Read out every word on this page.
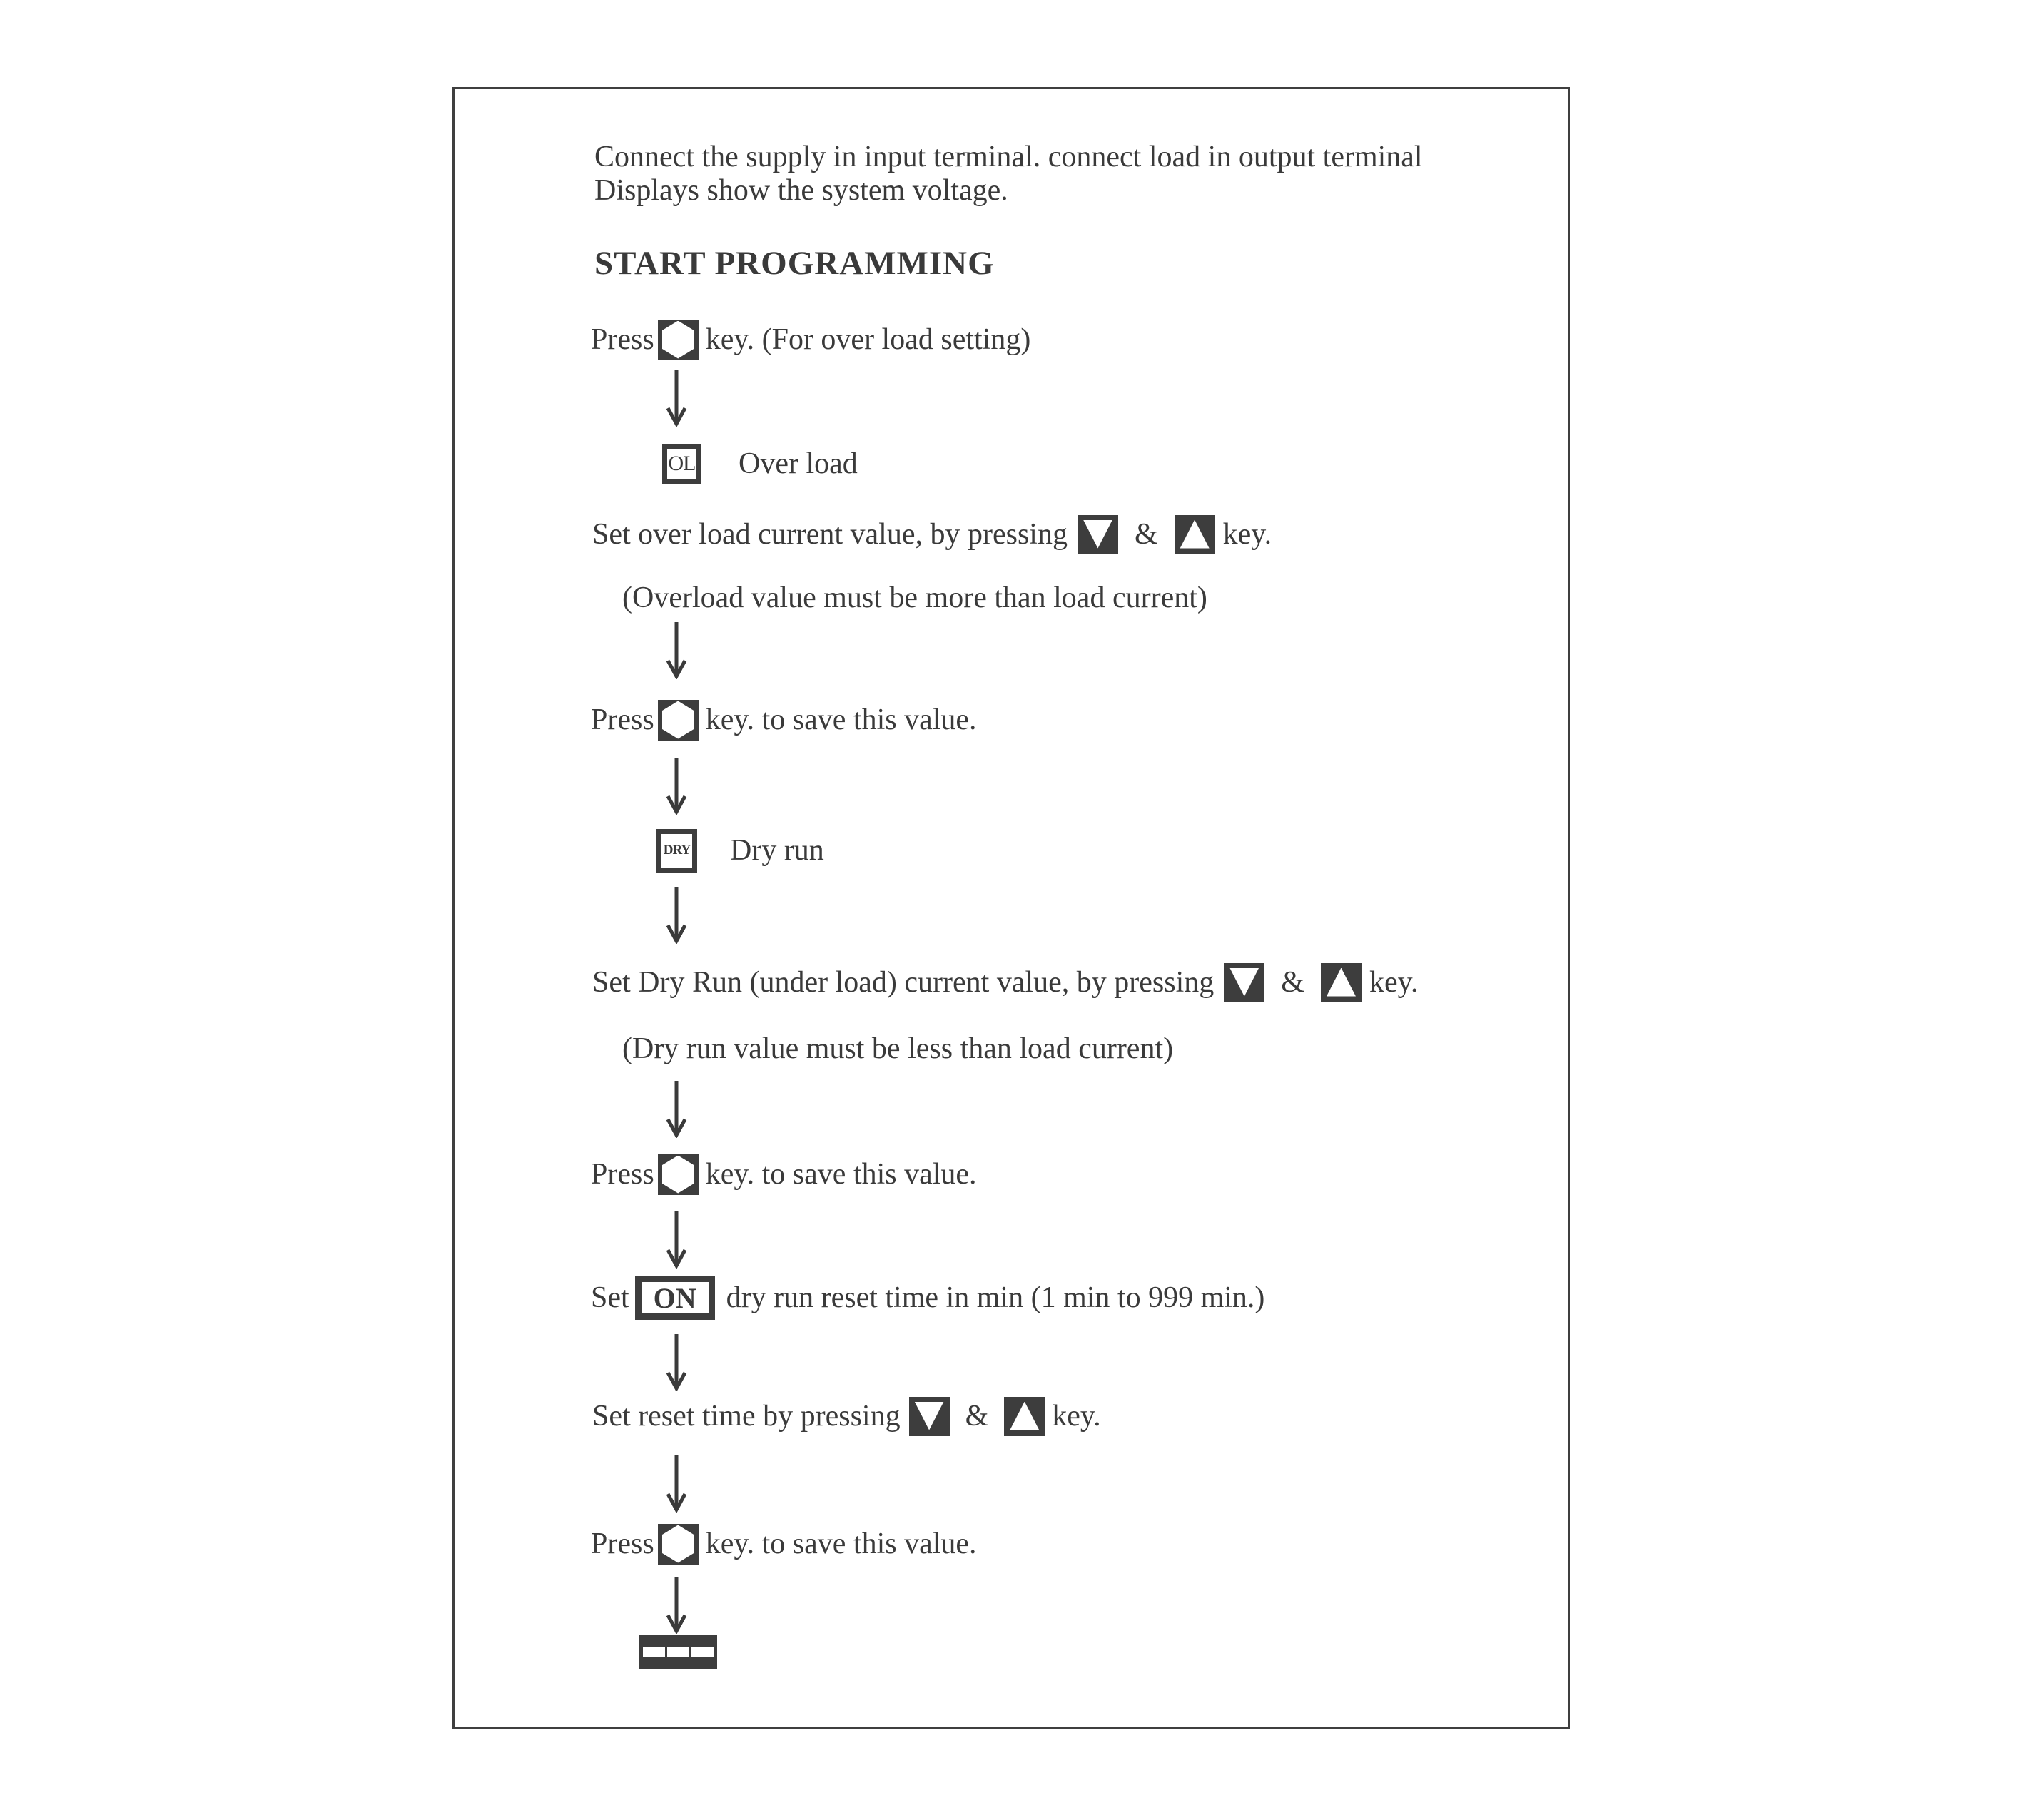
Connect the supply in input terminal. connect load in output terminal
Displays show the system voltage.
START PROGRAMMING
Press key. (For over load setting)
OL Over load
Set over load current value, by pressing & key.
(Overload value must be more than load current)
Press key. to save this value.
DRY Dry run
Set Dry Run (under load) current value, by pressing & key.
(Dry run value must be less than load current)
Press key. to save this value.
Set ON	dry run reset time in min (1 min to 999 min.)
Set reset time by pressing & key.
Press key. to save this value.
